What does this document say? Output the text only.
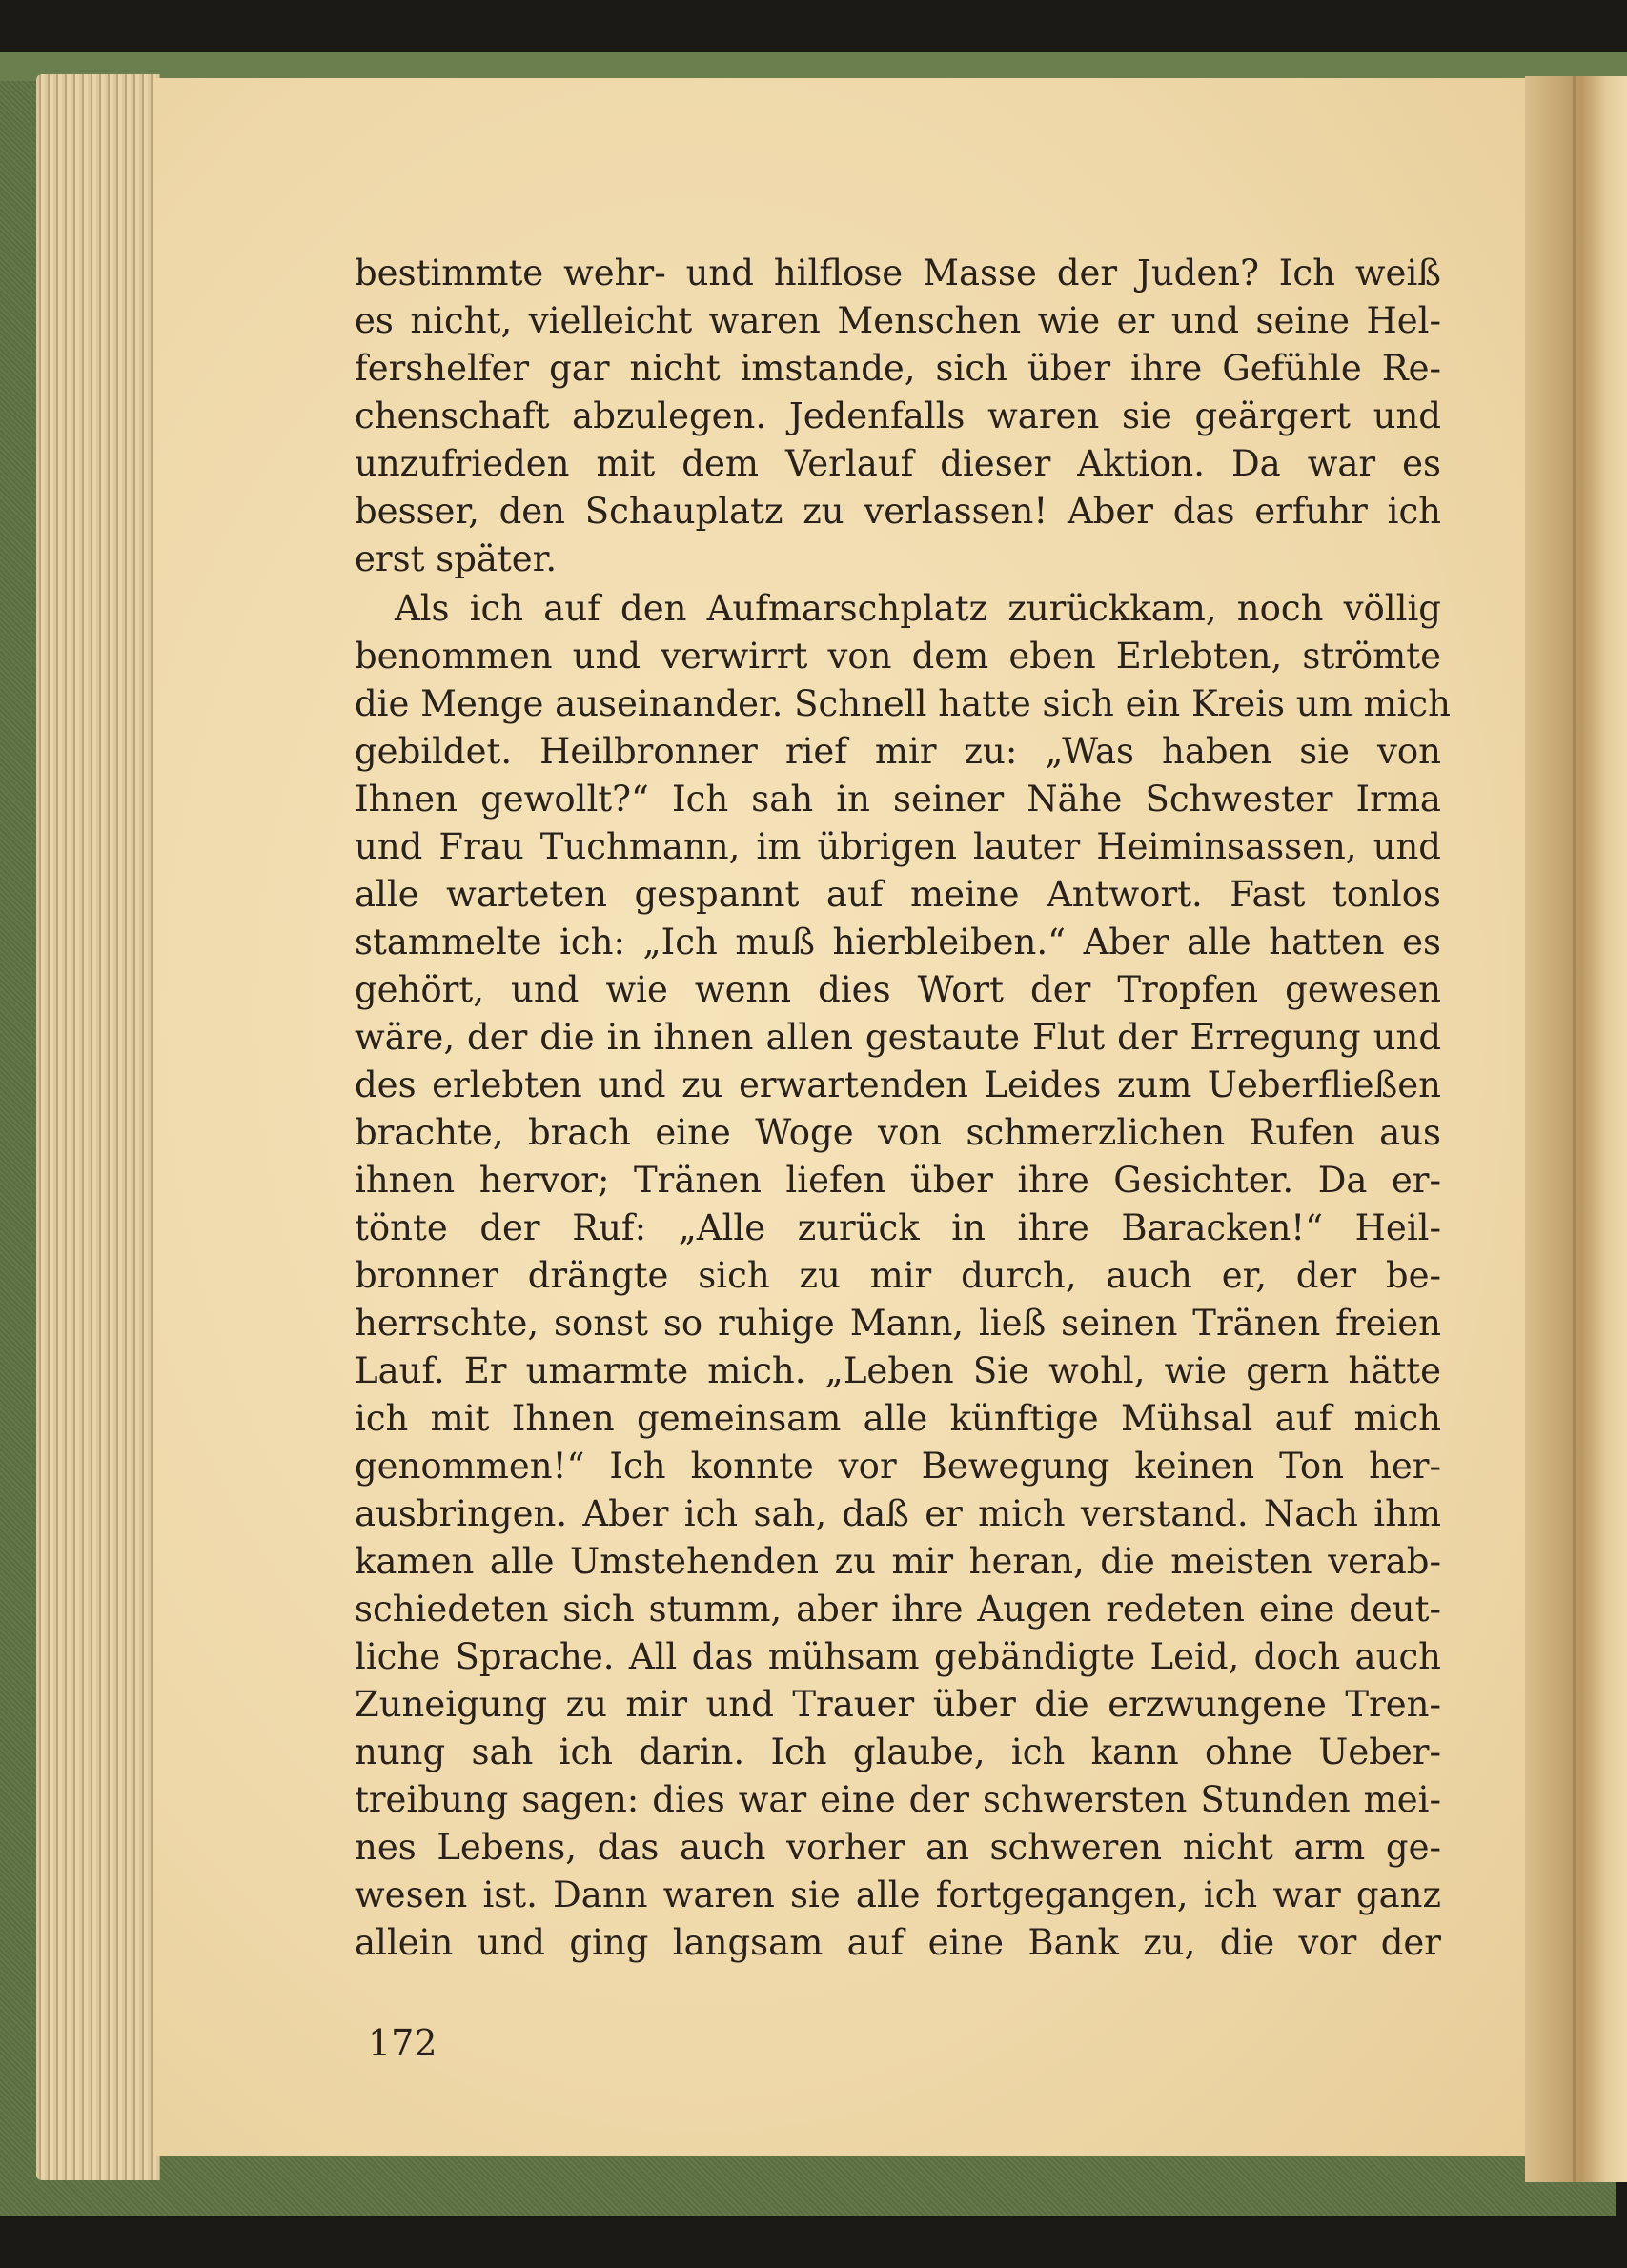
bestimmte wehr- und hilflose Masse der Juden? Ich weiß
es nicht, vielleicht waren Menschen wie er und seine Hel-
fershelfer gar nicht imstande, sich über ihre Gefühle Re-
chenschaft abzulegen. Jedenfalls waren sie geärgert und
unzufrieden mit dem Verlauf dieser Aktion. Da war es
besser, den Schauplatz zu verlassen! Aber das erfuhr ich
erst später.
Als ich auf den Aufmarschplatz zurückkam, noch völlig
benommen und verwirrt von dem eben Erlebten, strömte
die Menge auseinander. Schnell hatte sich ein Kreis um mich
gebildet. Heilbronner rief mir zu: „Was haben sie von
Ihnen gewollt?“ Ich sah in seiner Nähe Schwester Irma
und Frau Tuchmann, im übrigen lauter Heiminsassen, und
alle warteten gespannt auf meine Antwort. Fast tonlos
stammelte ich: „Ich muß hierbleiben.“ Aber alle hatten es
gehört, und wie wenn dies Wort der Tropfen gewesen
wäre, der die in ihnen allen gestaute Flut der Erregung und
des erlebten und zu erwartenden Leides zum Ueberfließen
brachte, brach eine Woge von schmerzlichen Rufen aus
ihnen hervor; Tränen liefen über ihre Gesichter. Da er-
tönte der Ruf: „Alle zurück in ihre Baracken!“ Heil-
bronner drängte sich zu mir durch, auch er, der be-
herrschte, sonst so ruhige Mann, ließ seinen Tränen freien
Lauf. Er umarmte mich. „Leben Sie wohl, wie gern hätte
ich mit Ihnen gemeinsam alle künftige Mühsal auf mich
genommen!“ Ich konnte vor Bewegung keinen Ton her-
ausbringen. Aber ich sah, daß er mich verstand. Nach ihm
kamen alle Umstehenden zu mir heran, die meisten verab-
schiedeten sich stumm, aber ihre Augen redeten eine deut-
liche Sprache. All das mühsam gebändigte Leid, doch auch
Zuneigung zu mir und Trauer über die erzwungene Tren-
nung sah ich darin. Ich glaube, ich kann ohne Ueber-
treibung sagen: dies war eine der schwersten Stunden mei-
nes Lebens, das auch vorher an schweren nicht arm ge-
wesen ist. Dann waren sie alle fortgegangen, ich war ganz
allein und ging langsam auf eine Bank zu, die vor der
172
